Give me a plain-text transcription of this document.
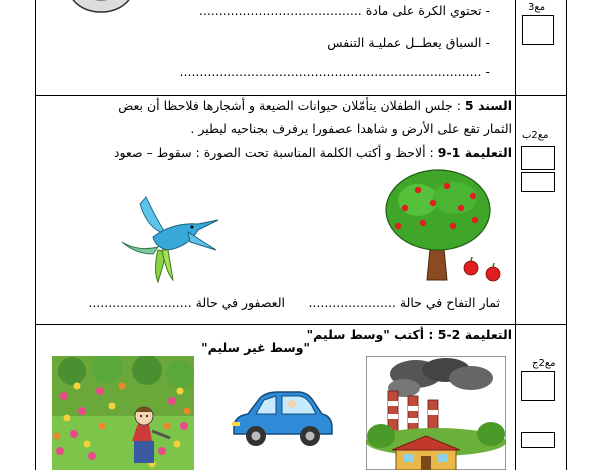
- تحتوي الكرة على مادة .........................................
- السباق يعطــل عمليـة التنفس
- ............................................................................
مع3
السند 5 : جلس الطفلان يتأمّلان حيوانات الضيعة و أشجارها فلاحظا أن بعض
الثمار تقع على الأرض و شاهدا عصفورا يرفرف بجناحيه ليطير .
التعليمة 1-9 : ألاحظ و أكتب الكلمة المناسبة تحت الصورة : سقوط – صعود
ثمار التفاح في حالة ......................
العصفور في حالة ..........................
مع2ب
التعليمة 2-5 : أكتب "وسط سليم"
"وسط غير سليم"
مع2ج
